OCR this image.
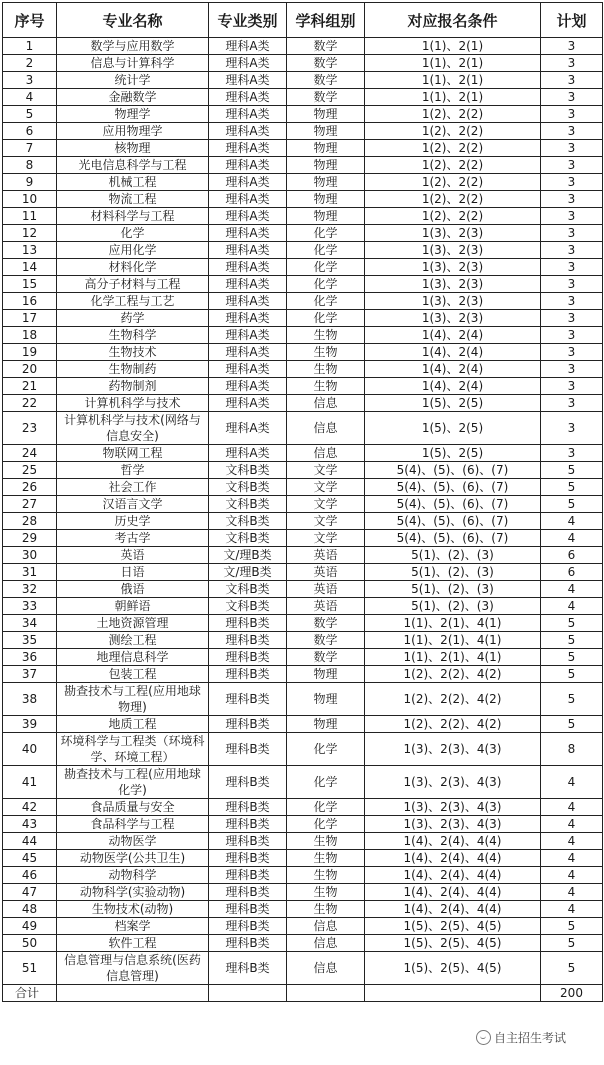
序号	专业名称	专业类别	学科组别	对应报名条件	计划
1	数学与应用数学	理科A类	数学	1(1)、2(1)	3
2	信息与计算科学	理科A类	数学	1(1)、2(1)	3
3	统计学	理科A类	数学	1(1)、2(1)	3
4	金融数学	理科A类	数学	1(1)、2(1)	3
5	物理学	理科A类	物理	1(2)、2(2)	3
6	应用物理学	理科A类	物理	1(2)、2(2)	3
7	核物理	理科A类	物理	1(2)、2(2)	3
8	光电信息科学与工程	理科A类	物理	1(2)、2(2)	3
9	机械工程	理科A类	物理	1(2)、2(2)	3
10	物流工程	理科A类	物理	1(2)、2(2)	3
11	材料科学与工程	理科A类	物理	1(2)、2(2)	3
12	化学	理科A类	化学	1(3)、2(3)	3
13	应用化学	理科A类	化学	1(3)、2(3)	3
14	材料化学	理科A类	化学	1(3)、2(3)	3
15	高分子材料与工程	理科A类	化学	1(3)、2(3)	3
16	化学工程与工艺	理科A类	化学	1(3)、2(3)	3
17	药学	理科A类	化学	1(3)、2(3)	3
18	生物科学	理科A类	生物	1(4)、2(4)	3
19	生物技术	理科A类	生物	1(4)、2(4)	3
20	生物制药	理科A类	生物	1(4)、2(4)	3
21	药物制剂	理科A类	生物	1(4)、2(4)	3
22	计算机科学与技术	理科A类	信息	1(5)、2(5)	3
23	计算机科学与技术(网络与信息安全)	理科A类	信息	1(5)、2(5)	3
24	物联网工程	理科A类	信息	1(5)、2(5)	3
25	哲学	文科B类	文学	5(4)、(5)、(6)、(7)	5
26	社会工作	文科B类	文学	5(4)、(5)、(6)、(7)	5
27	汉语言文学	文科B类	文学	5(4)、(5)、(6)、(7)	5
28	历史学	文科B类	文学	5(4)、(5)、(6)、(7)	4
29	考古学	文科B类	文学	5(4)、(5)、(6)、(7)	4
30	英语	文/理B类	英语	5(1)、(2)、(3)	6
31	日语	文/理B类	英语	5(1)、(2)、(3)	6
32	俄语	文科B类	英语	5(1)、(2)、(3)	4
33	朝鲜语	文科B类	英语	5(1)、(2)、(3)	4
34	土地资源管理	理科B类	数学	1(1)、2(1)、4(1)	5
35	测绘工程	理科B类	数学	1(1)、2(1)、4(1)	5
36	地理信息科学	理科B类	数学	1(1)、2(1)、4(1)	5
37	包装工程	理科B类	物理	1(2)、2(2)、4(2)	5
38	勘查技术与工程(应用地球物理)	理科B类	物理	1(2)、2(2)、4(2)	5
39	地质工程	理科B类	物理	1(2)、2(2)、4(2)	5
40	环境科学与工程类（环境科学、环境工程）	理科B类	化学	1(3)、2(3)、4(3)	8
41	勘查技术与工程(应用地球化学)	理科B类	化学	1(3)、2(3)、4(3)	4
42	食品质量与安全	理科B类	化学	1(3)、2(3)、4(3)	4
43	食品科学与工程	理科B类	化学	1(3)、2(3)、4(3)	4
44	动物医学	理科B类	生物	1(4)、2(4)、4(4)	4
45	动物医学(公共卫生)	理科B类	生物	1(4)、2(4)、4(4)	4
46	动物科学	理科B类	生物	1(4)、2(4)、4(4)	4
47	动物科学(实验动物)	理科B类	生物	1(4)、2(4)、4(4)	4
48	生物技术(动物)	理科B类	生物	1(4)、2(4)、4(4)	4
49	档案学	理科B类	信息	1(5)、2(5)、4(5)	5
50	软件工程	理科B类	信息	1(5)、2(5)、4(5)	5
51	信息管理与信息系统(医药信息管理)	理科B类	信息	1(5)、2(5)、4(5)	5
合计					200
自主招生考试
